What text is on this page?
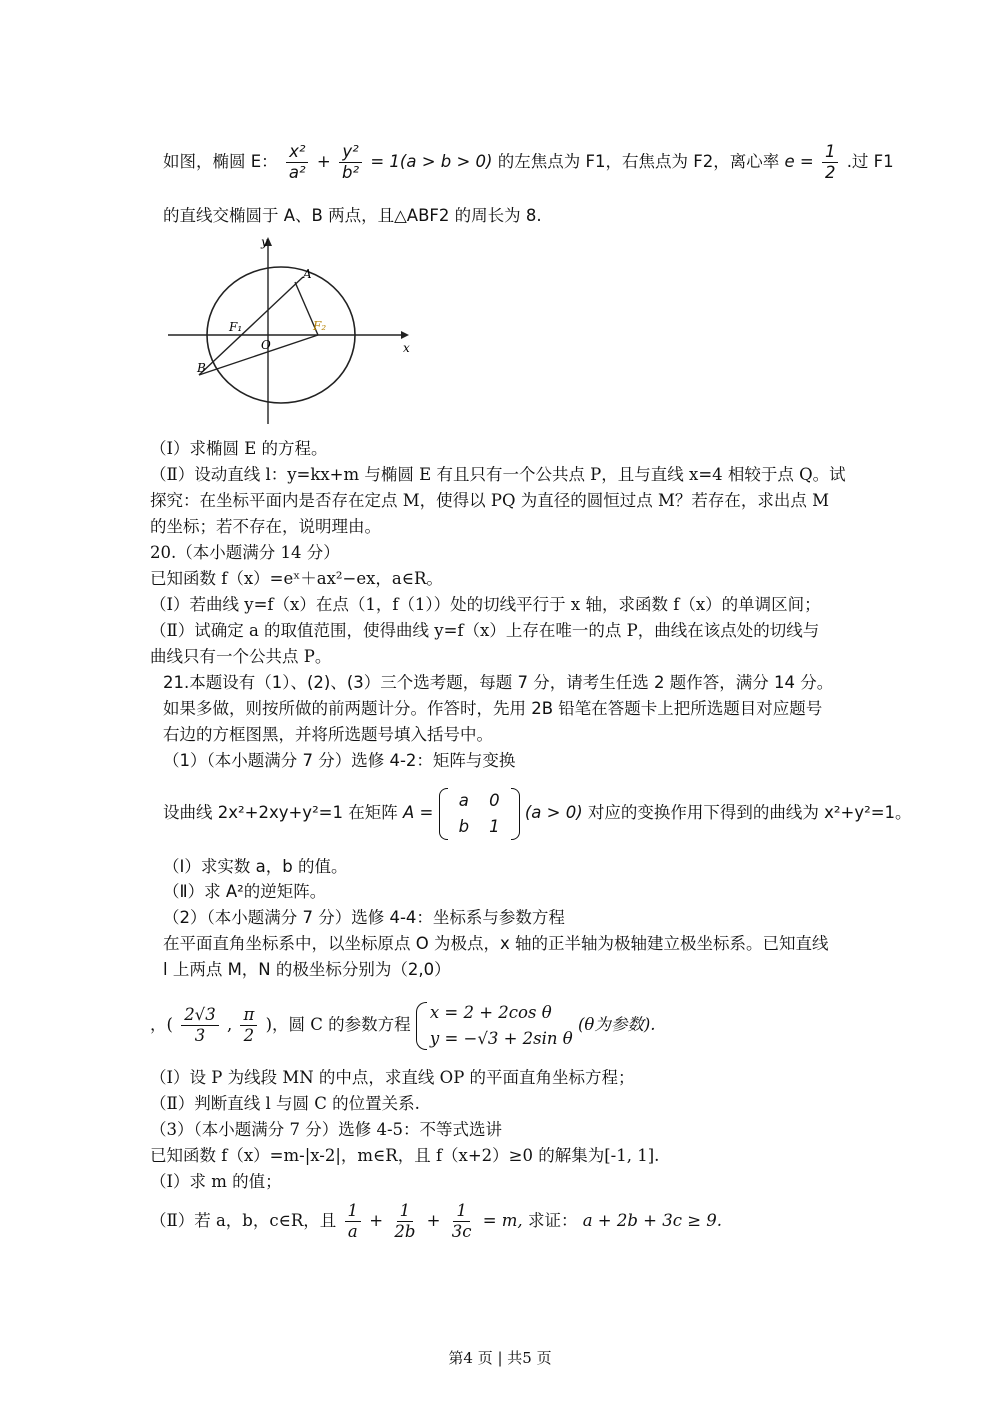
如图，椭圆 E： $\frac{\text{x²}}{\text{a²}} + \frac{\text{y²}}{\text{b²}} = 1(a > b > 0)$ 的左焦点为 F1，右焦点为 F2，离心率 $e = \frac{1}{2}$ .过 F1
的直线交椭圆于 A、B 两点，且△ABF2 的周长为 8.
y
x
A
B
O
F₁	F₂
（Ⅰ）求椭圆 E 的方程。
（Ⅱ）设动直线 l：y=kx+m 与椭圆 E 有且只有一个公共点 P，且与直线 x=4 相较于点 Q。试
探究：在坐标平面内是否存在定点 M，使得以 PQ 为直径的圆恒过点 M？若存在，求出点 M
的坐标；若不存在，说明理由。
20.（本小题满分 14 分）
已知函数 f（x）=eˣ＋ax²−ex，a∈R。
（Ⅰ）若曲线 y=f（x）在点（1，f（1））处的切线平行于 x 轴，求函数 f（x）的单调区间；
（Ⅱ）试确定 a 的取值范围，使得曲线 y=f（x）上存在唯一的点 P，曲线在该点处的切线与
曲线只有一个公共点 P。
21.本题设有（1）、(2)、(3）三个选考题，每题 7 分，请考生任选 2 题作答，满分 14 分。
如果多做，则按所做的前两题计分。作答时，先用 2B 铅笔在答题卡上把所选题目对应题号
右边的方框图黑，并将所选题号填入括号中。
（1）（本小题满分 7 分）选修 4-2：矩阵与变换
设曲线 2x²+2xy+y²=1 在矩阵 A =
a	0
b	1
(a > 0) 对应的变换作用下得到的曲线为 x²+y²=1。
（Ⅰ）求实数 a，b 的值。
（Ⅱ）求 A²的逆矩阵。
（2）（本小题满分 7 分）选修 4-4：坐标系与参数方程
在平面直角坐标系中，以坐标原点 O 为极点，x 轴的正半轴为极轴建立极坐标系。已知直线
l 上两点 M，N 的极坐标分别为（2,0）
，( $\frac{2√3}{3}$ , $\frac{\pi}{2}$ )，圆 C 的参数方程
x = 2 + 2cos θ
y = −√3 + 2sin θ
(θ为参数).
（Ⅰ）设 P 为线段 MN 的中点，求直线 OP 的平面直角坐标方程；
（Ⅱ）判断直线 l 与圆 C 的位置关系.
（3）（本小题满分 7 分）选修 4-5：不等式选讲
已知函数 f（x）=m-|x-2|，m∈R，且 f（x+2）≥0 的解集为[-1, 1].
（Ⅰ）求 m 的值；
（Ⅱ）若 a，b，c∈R，且 $\frac{1}{a} + \frac{1}{2b} + \frac{1}{3c} = m$, 求证： a + 2b + 3c ≥ 9.
第4 页 | 共5 页
